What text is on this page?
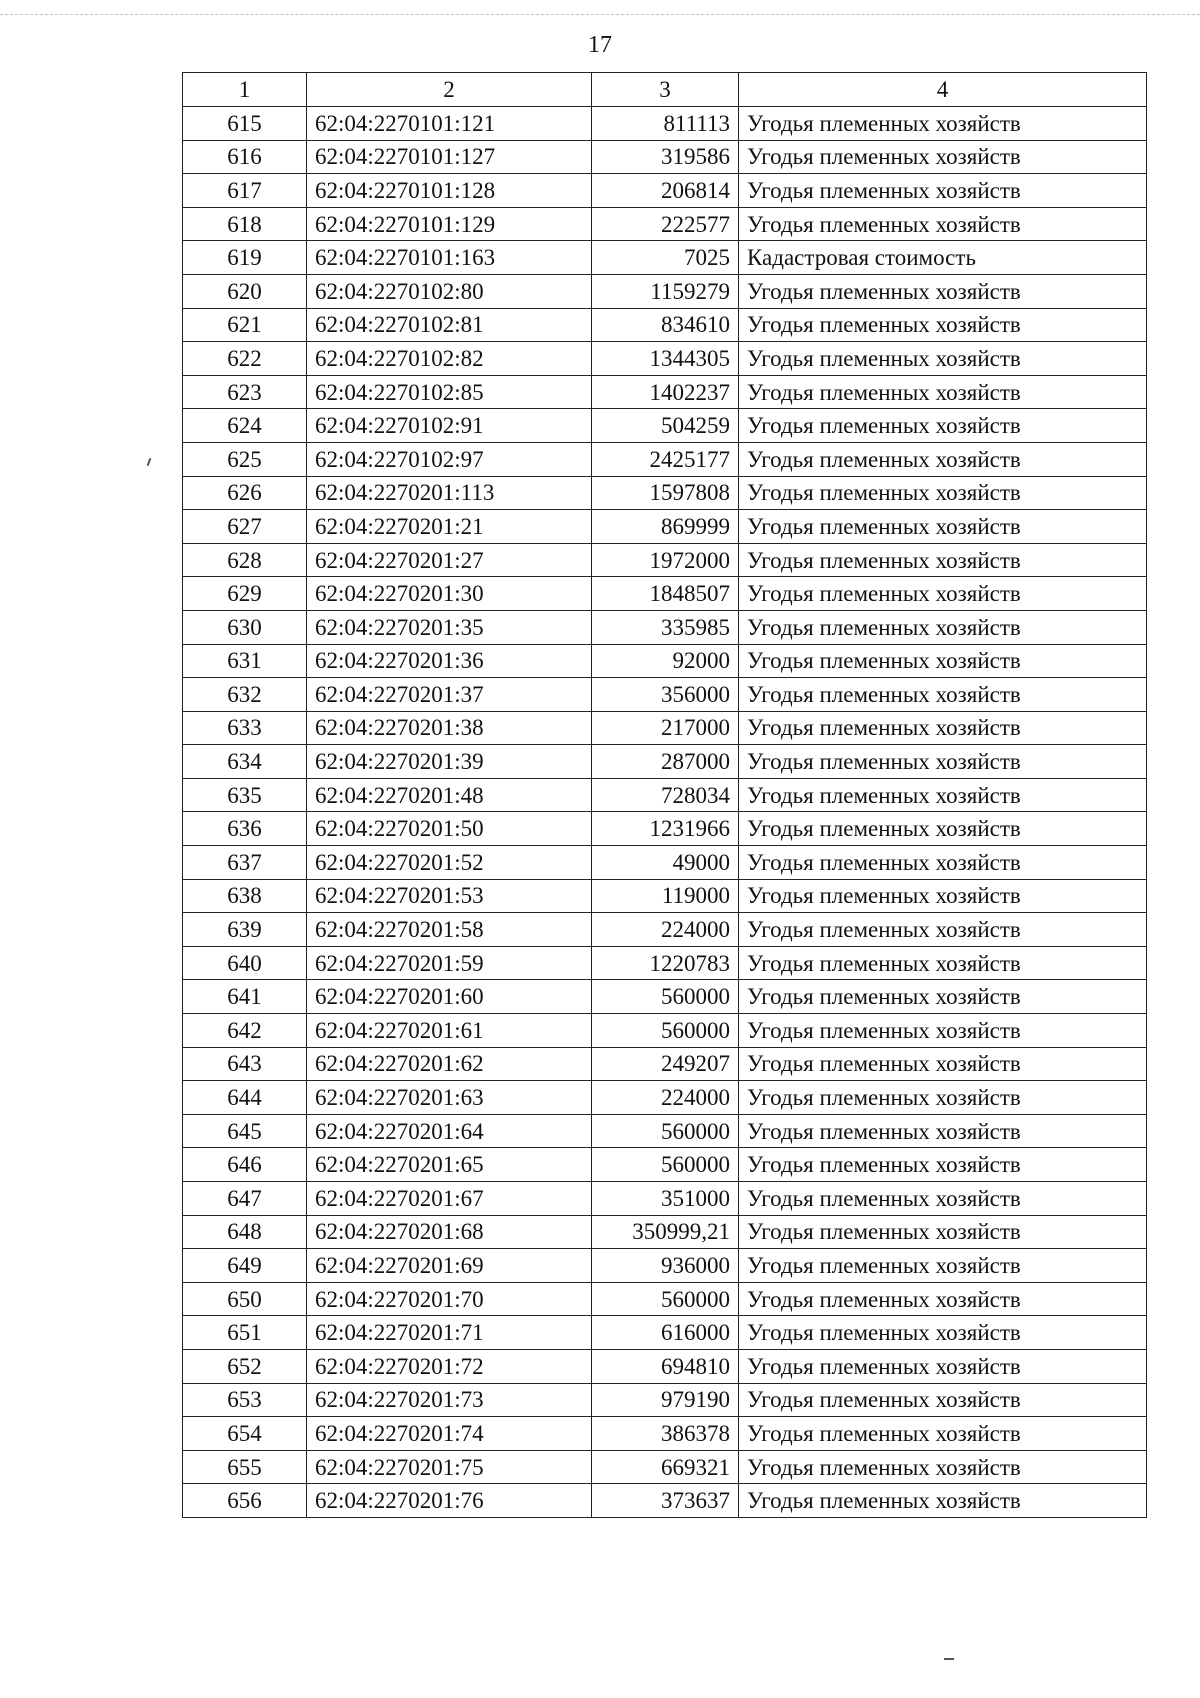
17
1	2	3	4
615	62:04:2270101:121	811113	Угодья племенных хозяйств
616	62:04:2270101:127	319586	Угодья племенных хозяйств
617	62:04:2270101:128	206814	Угодья племенных хозяйств
618	62:04:2270101:129	222577	Угодья племенных хозяйств
619	62:04:2270101:163	7025	Кадастровая стоимость
620	62:04:2270102:80	1159279	Угодья племенных хозяйств
621	62:04:2270102:81	834610	Угодья племенных хозяйств
622	62:04:2270102:82	1344305	Угодья племенных хозяйств
623	62:04:2270102:85	1402237	Угодья племенных хозяйств
624	62:04:2270102:91	504259	Угодья племенных хозяйств
625	62:04:2270102:97	2425177	Угодья племенных хозяйств
626	62:04:2270201:113	1597808	Угодья племенных хозяйств
627	62:04:2270201:21	869999	Угодья племенных хозяйств
628	62:04:2270201:27	1972000	Угодья племенных хозяйств
629	62:04:2270201:30	1848507	Угодья племенных хозяйств
630	62:04:2270201:35	335985	Угодья племенных хозяйств
631	62:04:2270201:36	92000	Угодья племенных хозяйств
632	62:04:2270201:37	356000	Угодья племенных хозяйств
633	62:04:2270201:38	217000	Угодья племенных хозяйств
634	62:04:2270201:39	287000	Угодья племенных хозяйств
635	62:04:2270201:48	728034	Угодья племенных хозяйств
636	62:04:2270201:50	1231966	Угодья племенных хозяйств
637	62:04:2270201:52	49000	Угодья племенных хозяйств
638	62:04:2270201:53	119000	Угодья племенных хозяйств
639	62:04:2270201:58	224000	Угодья племенных хозяйств
640	62:04:2270201:59	1220783	Угодья племенных хозяйств
641	62:04:2270201:60	560000	Угодья племенных хозяйств
642	62:04:2270201:61	560000	Угодья племенных хозяйств
643	62:04:2270201:62	249207	Угодья племенных хозяйств
644	62:04:2270201:63	224000	Угодья племенных хозяйств
645	62:04:2270201:64	560000	Угодья племенных хозяйств
646	62:04:2270201:65	560000	Угодья племенных хозяйств
647	62:04:2270201:67	351000	Угодья племенных хозяйств
648	62:04:2270201:68	350999,21	Угодья племенных хозяйств
649	62:04:2270201:69	936000	Угодья племенных хозяйств
650	62:04:2270201:70	560000	Угодья племенных хозяйств
651	62:04:2270201:71	616000	Угодья племенных хозяйств
652	62:04:2270201:72	694810	Угодья племенных хозяйств
653	62:04:2270201:73	979190	Угодья племенных хозяйств
654	62:04:2270201:74	386378	Угодья племенных хозяйств
655	62:04:2270201:75	669321	Угодья племенных хозяйств
656	62:04:2270201:76	373637	Угодья племенных хозяйств
